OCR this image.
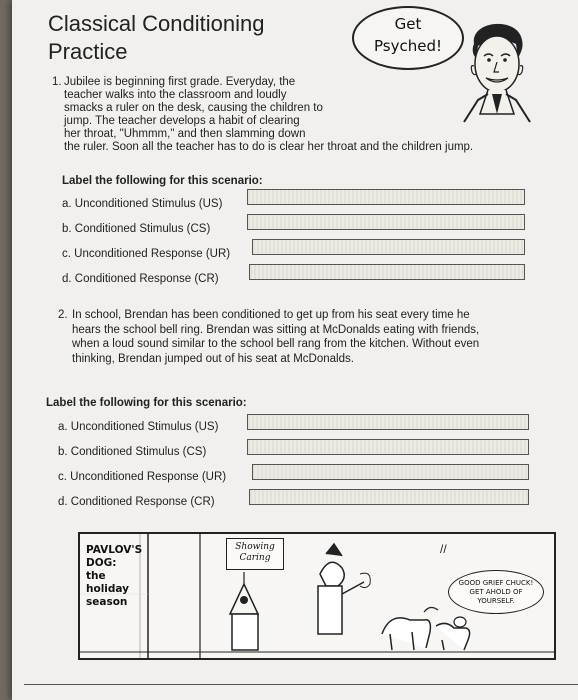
Classical Conditioning
Practice
Get
Psyched!
1. Jubilee is beginning first grade. Everyday, the
teacher walks into the classroom and loudly
smacks a ruler on the desk, causing the children to
jump. The teacher develops a habit of clearing
her throat, "Uhmmm," and then slamming down
the ruler. Soon all the teacher has to do is clear her throat and the children jump.
Label the following for this scenario:
a. Unconditioned Stimulus (US)
b. Conditioned Stimulus (CS)
c. Unconditioned Response (UR)
d. Conditioned Response (CR)
2. In school, Brendan has been conditioned to get up from his seat every time he
hears the school bell ring. Brendan was sitting at McDonalds eating with friends,
when a loud sound similar to the school bell rang from the kitchen. Without even
thinking, Brendan jumped out of his seat at McDonalds.
Label the following for this scenario:
a. Unconditioned Stimulus (US)
b. Conditioned Stimulus (CS)
c. Unconditioned Response (UR)
d. Conditioned Response (CR)
PAVLOV'S
DOG:
the
holiday
season
Showing
Caring
//
GOOD GRIEF CHUCK!
GET AHOLD OF
YOURSELF.
